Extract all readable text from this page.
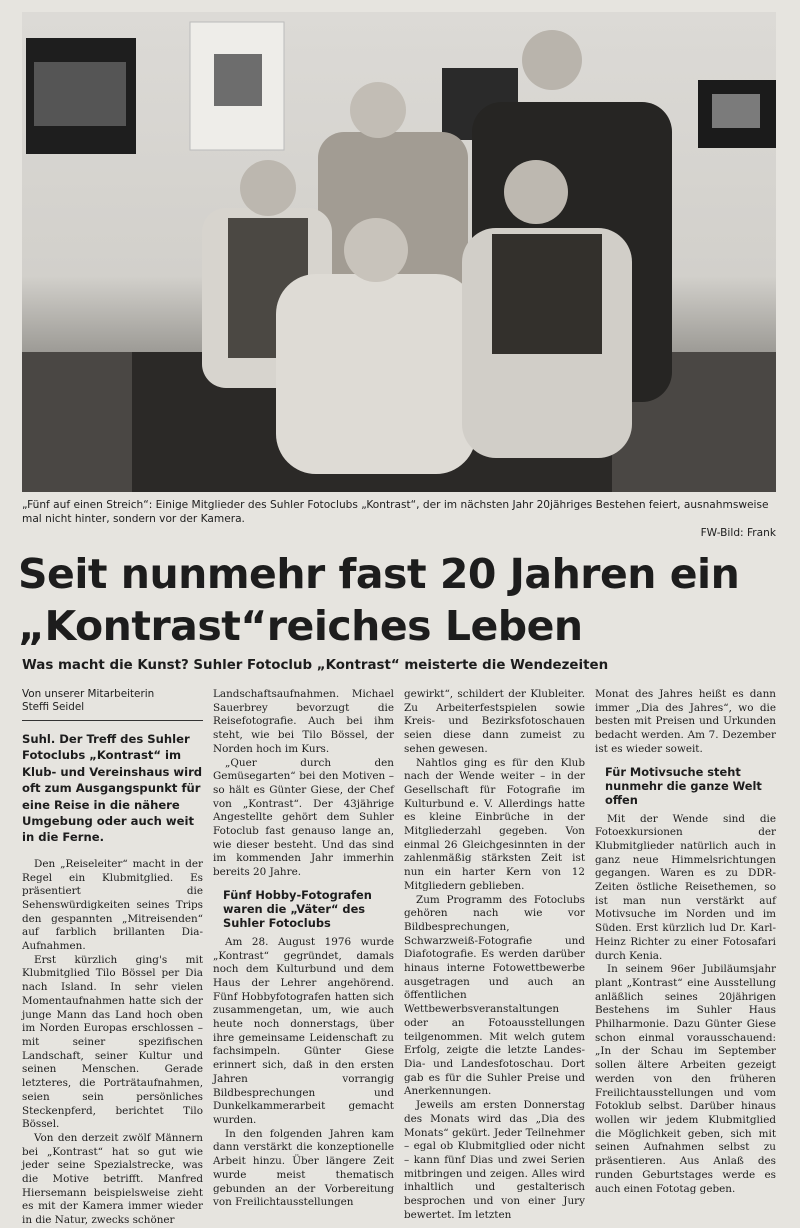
„Fünf auf einen Streich“: Einige Mitglieder des Suhler Fotoclubs „Kontrast“, der im nächsten Jahr 20jähriges Bestehen feiert, ausnahmsweise mal nicht hinter, sondern vor der Kamera.
FW-Bild: Frank
Seit nunmehr fast 20 Jahren ein
„Kontrast“reiches Leben
Was macht die Kunst? Suhler Fotoclub „Kontrast“ meisterte die Wendezeiten
Von unserer Mitarbeiterin
Steffi Seidel
Suhl. Der Treff des Suhler Fotoclubs „Kontrast“ im Klub- und Vereinshaus wird oft zum Ausgangspunkt für eine Reise in die nähere Umgebung oder auch weit in die Ferne.

Den „Reiseleiter“ macht in der Regel ein Klubmitglied. Es präsentiert die Sehenswürdigkeiten seines Trips den gespannten „Mitreisenden“ auf farblich brillanten Dia-Aufnahmen.

Erst kürzlich ging's mit Klubmitglied Tilo Bössel per Dia nach Island. In sehr vielen Momentaufnahmen hatte sich der junge Mann das Land hoch oben im Norden Europas erschlossen – mit seiner spezifischen Landschaft, seiner Kultur und seinen Menschen. Gerade letzteres, die Porträtaufnahmen, seien sein persönliches Steckenpferd, berichtet Tilo Bössel.

Von den derzeit zwölf Männern bei „Kontrast“ hat so gut wie jeder seine Spezialstrecke, was die Motive betrifft. Manfred Hiersemann beispielsweise zieht es mit der Kamera immer wieder in die Natur, zwecks schöner

Landschaftsaufnahmen. Michael Sauerbrey bevorzugt die Reisefotografie. Auch bei ihm steht, wie bei Tilo Bössel, der Norden hoch im Kurs.

„Quer durch den Gemüsegarten“ bei den Motiven – so hält es Günter Giese, der Chef von „Kontrast“. Der 43jährige Angestellte gehört dem Suhler Fotoclub fast genauso lange an, wie dieser besteht. Und das sind im kommenden Jahr immerhin bereits 20 Jahre.

Fünf Hobby-Fotografen waren die „Väter“ des Suhler Fotoclubs

Am 28. August 1976 wurde „Kontrast“ gegründet, damals noch dem Kulturbund und dem Haus der Lehrer angehörend. Fünf Hobbyfotografen hatten sich zusammengetan, um, wie auch heute noch donnerstags, über ihre gemeinsame Leidenschaft zu fachsimpeln. Günter Giese erinnert sich, daß in den ersten Jahren vorrangig Bildbesprechungen und Dunkelkammerarbeit gemacht wurden.

In den folgenden Jahren kam dann verstärkt die konzeptionelle Arbeit hinzu. Über längere Zeit wurde meist thematisch gebunden an der Vorbereitung von Freilichtausstellungen

gewirkt“, schildert der Klubleiter. Zu Arbeiterfestspielen sowie Kreis- und Bezirksfotoschauen seien diese dann zumeist zu sehen gewesen.

Nahtlos ging es für den Klub nach der Wende weiter – in der Gesellschaft für Fotografie im Kulturbund e. V. Allerdings hatte es kleine Einbrüche in der Mitgliederzahl gegeben. Von einmal 26 Gleichgesinnten in der zahlenmäßig stärksten Zeit ist nun ein harter Kern von 12 Mitgliedern geblieben.

Zum Programm des Fotoclubs gehören nach wie vor Bildbesprechungen, Schwarzweiß-Fotografie und Diafotografie. Es werden darüber hinaus interne Fotowettbewerbe ausgetragen und auch an öffentlichen Wettbewerbsveranstaltungen oder an Fotoausstellungen teilgenommen. Mit welch gutem Erfolg, zeigte die letzte Landes-Dia- und Landesfotoschau. Dort gab es für die Suhler Preise und Anerkennungen.

Jeweils am ersten Donnerstag des Monats wird das „Dia des Monats“ gekürt. Jeder Teilnehmer – egal ob Klubmitglied oder nicht – kann fünf Dias und zwei Serien mitbringen und zeigen. Alles wird inhaltlich und gestalterisch besprochen und von einer Jury bewertet. Im letzten

Monat des Jahres heißt es dann immer „Dia des Jahres“, wo die besten mit Preisen und Urkunden bedacht werden. Am 7. Dezember ist es wieder soweit.

Für Motivsuche steht nunmehr die ganze Welt offen

Mit der Wende sind die Fotoexkursionen der Klubmitglieder natürlich auch in ganz neue Himmelsrichtungen gegangen. Waren es zu DDR-Zeiten östliche Reisethemen, so ist man nun verstärkt auf Motivsuche im Norden und im Süden. Erst kürzlich lud Dr. Karl-Heinz Richter zu einer Fotosafari durch Kenia.

In seinem 96er Jubiläumsjahr plant „Kontrast“ eine Ausstellung anläßlich seines 20jährigen Bestehens im Suhler Haus Philharmonie. Dazu Günter Giese schon einmal vorausschauend: „In der Schau im September sollen ältere Arbeiten gezeigt werden von den früheren Freilichtausstellungen und vom Fotoklub selbst. Darüber hinaus wollen wir jedem Klubmitglied die Möglichkeit geben, sich mit seinen Aufnahmen selbst zu präsentieren. Aus Anlaß des runden Geburtstages werde es auch einen Fototag geben.
